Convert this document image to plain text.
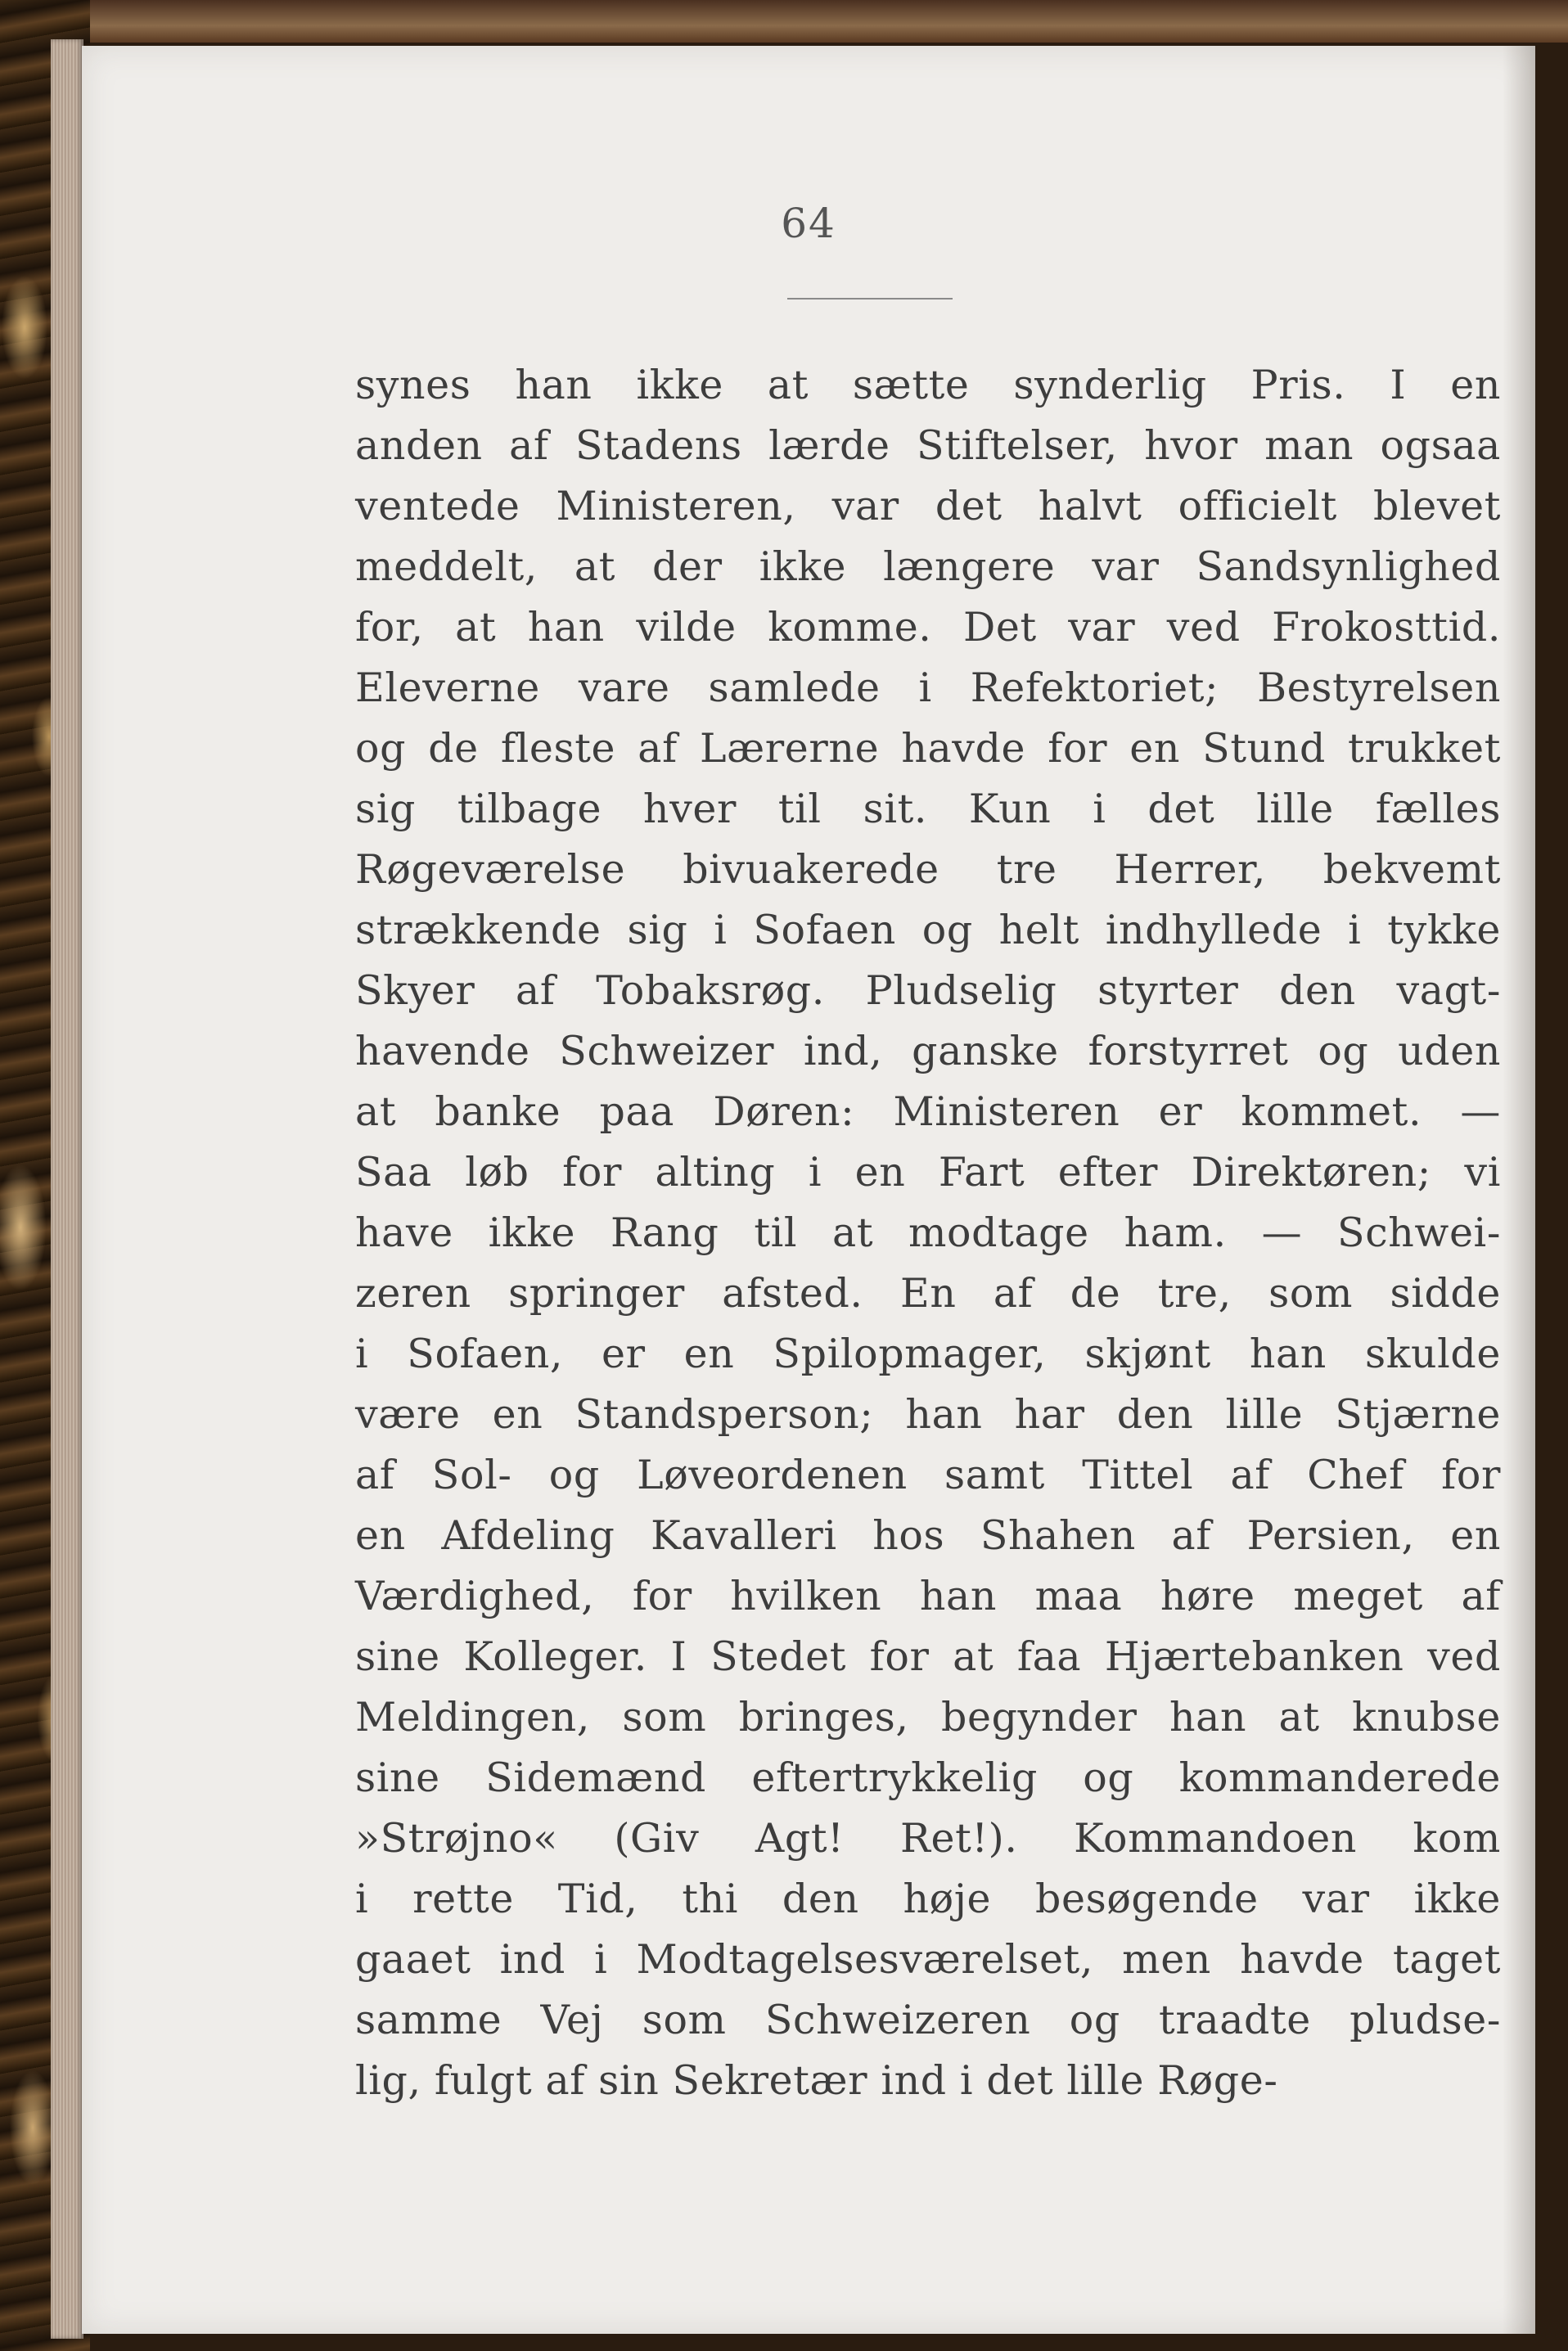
64
synes han ikke at sætte synderlig Pris. I en
anden af Stadens lærde Stiftelser, hvor man ogsaa
ventede Ministeren, var det halvt officielt blevet
meddelt, at der ikke længere var Sandsynlighed
for, at han vilde komme. Det var ved Frokosttid.
Eleverne vare samlede i Refektoriet; Bestyrelsen
og de fleste af Lærerne havde for en Stund trukket
sig tilbage hver til sit. Kun i det lille fælles
Røgeværelse bivuakerede tre Herrer, bekvemt
strækkende sig i Sofaen og helt indhyllede i tykke
Skyer af Tobaksrøg. Pludselig styrter den vagt-
havende Schweizer ind, ganske forstyrret og uden
at banke paa Døren: Ministeren er kommet. —
Saa løb for alting i en Fart efter Direktøren; vi
have ikke Rang til at modtage ham. — Schwei-
zeren springer afsted. En af de tre, som sidde
i Sofaen, er en Spilopmager, skjønt han skulde
være en Standsperson; han har den lille Stjærne
af Sol- og Løveordenen samt Tittel af Chef for
en Afdeling Kavalleri hos Shahen af Persien, en
Værdighed, for hvilken han maa høre meget af
sine Kolleger. I Stedet for at faa Hjærtebanken ved
Meldingen, som bringes, begynder han at knubse
sine Sidemænd eftertrykkelig og kommanderede
»Strøjno« (Giv Agt! Ret!). Kommandoen kom
i rette Tid, thi den høje besøgende var ikke
gaaet ind i Modtagelsesværelset, men havde taget
samme Vej som Schweizeren og traadte pludse-
lig, fulgt af sin Sekretær ind i det lille Røge-
